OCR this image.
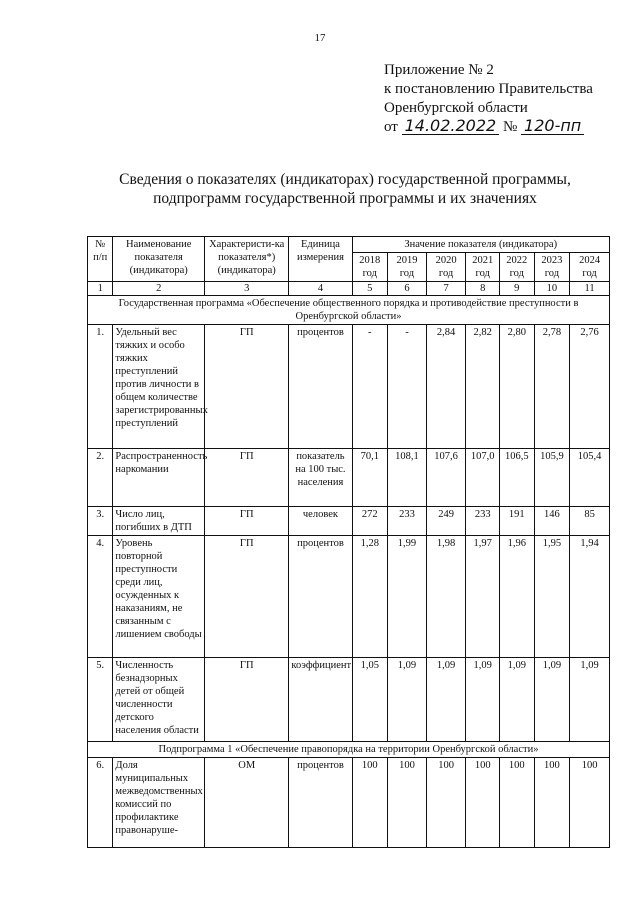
17
Приложение № 2
к постановлению Правительства
Оренбургской области
от 14.02.2022 № 120-пп
Сведения о показателях (индикаторах) государственной программы,
подпрограмм государственной программы и их значениях
№ п/п	Наименование показателя (индикатора)	Характеристи-ка показателя*) (индикатора)	Единица измерения	Значение показателя (индикатора)						
				2018 год	2019 год	2020 год	2021 год	2022 год	2023 год	2024 год
1	2	3	4	5	6	7	8	9	10	11
Государственная программа «Обеспечение общественного порядка и противодействие преступности в Оренбургской области»										
1.	Удельный вес тяжких и особо тяжких преступлений против личности в общем количестве зарегистрированных преступлений	ГП	процентов	-	-	2,84	2,82	2,80	2,78	2,76
2.	Распространенность наркомании	ГП	показатель на 100 тыс. населения	70,1	108,1	107,6	107,0	106,5	105,9	105,4
3.	Число лиц, погибших в ДТП	ГП	человек	272	233	249	233	191	146	85
4.	Уровень повторной преступности среди лиц, осужденных к наказаниям, не связанным с лишением свободы	ГП	процентов	1,28	1,99	1,98	1,97	1,96	1,95	1,94
5.	Численность безнадзорных детей от общей численности детского населения области	ГП	коэффициент	1,05	1,09	1,09	1,09	1,09	1,09	1,09
Подпрограмма 1 «Обеспечение правопорядка на территории Оренбургской области»										
6.	Доля муниципальных межведомственных комиссий по профилактике правонаруше-	ОМ	процентов	100	100	100	100	100	100	100
